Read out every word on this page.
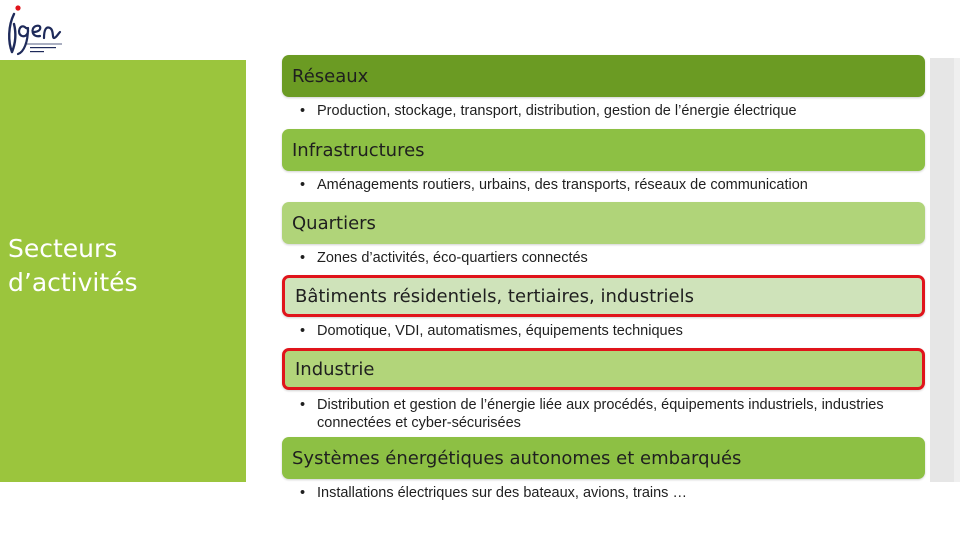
Secteurs
d’activités
Réseaux
• Production, stockage, transport, distribution, gestion de l’énergie électrique
Infrastructures
• Aménagements routiers, urbains, des transports, réseaux de communication
Quartiers
• Zones d’activités, éco-quartiers connectés
Bâtiments résidentiels, tertiaires, industriels
• Domotique, VDI, automatismes, équipements techniques
Industrie
• Distribution et gestion de l’énergie liée aux procédés, équipements industriels, industries connectées et cyber-sécurisées
Systèmes énergétiques autonomes et embarqués
• Installations électriques sur des bateaux, avions, trains …
